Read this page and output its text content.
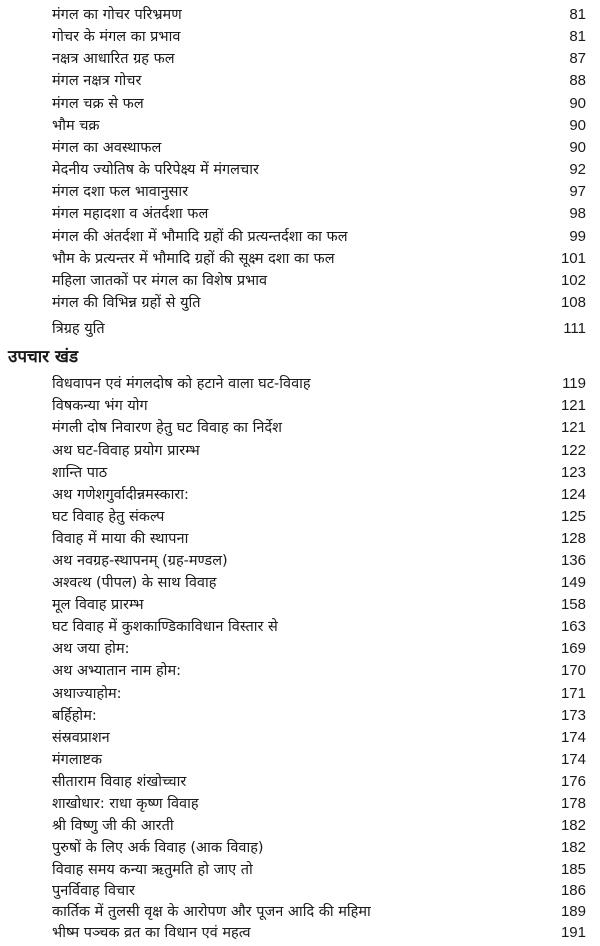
मंगल का गोचर परिभ्रमण	81
गोचर के मंगल का प्रभाव	81
नक्षत्र आधारित ग्रह फल	87
मंगल नक्षत्र गोचर	88
मंगल चक्र से फल	90
भौम चक्र	90
मंगल का अवस्थाफल	90
मेदनीय ज्योतिष के परिपेक्ष्य में मंगलचार	92
मंगल दशा फल भावानुसार	97
मंगल महादशा व अंतर्दशा फल	98
मंगल की अंतर्दशा में भौमादि ग्रहों की प्रत्यन्तर्दशा का फल	99
भौम के प्रत्यन्तर में भौमादि ग्रहों की सूक्ष्म दशा का फल	101
महिला जातकों पर मंगल का विशेष प्रभाव	102
मंगल की विभिन्न ग्रहों से युति	108
त्रिग्रह युति	111
उपचार खंड
विधवापन एवं मंगलदोष को हटाने वाला घट-विवाह	119
विषकन्या भंग योग	121
मंगली दोष निवारण हेतु घट विवाह का निर्देश	121
अथ घट-विवाह प्रयोग प्रारम्भ	122
शान्ति पाठ	123
अथ गणेशगुर्वादीन्नमस्कारा:	124
घट विवाह हेतु संकल्प	125
विवाह में माया की स्थापना	128
अथ नवग्रह-स्थापनम् (ग्रह-मण्डल)	136
अश्वत्थ (पीपल) के साथ विवाह	149
मूल विवाह प्रारम्भ	158
घट विवाह में कुशकाण्डिकाविधान विस्तार से	163
अथ जया होम:	169
अथ अभ्यातान नाम होम:	170
अथाज्याहोम:	171
बर्हिहोम:	173
संस्रवप्राशन	174
मंगलाष्टक	174
सीताराम विवाह शंखोच्चार	176
शाखोधार: राधा कृष्ण विवाह	178
श्री विष्णु जी की आरती	182
पुरुषों के लिए अर्क विवाह (आक विवाह)	182
विवाह समय कन्या ऋतुमति हो जाए तो	185
पुनर्विवाह विचार	186
कार्तिक में तुलसी वृक्ष के आरोपण और पूजन आदि की महिमा	189
भीष्म पञ्चक व्रत का विधान एवं महत्व	191
